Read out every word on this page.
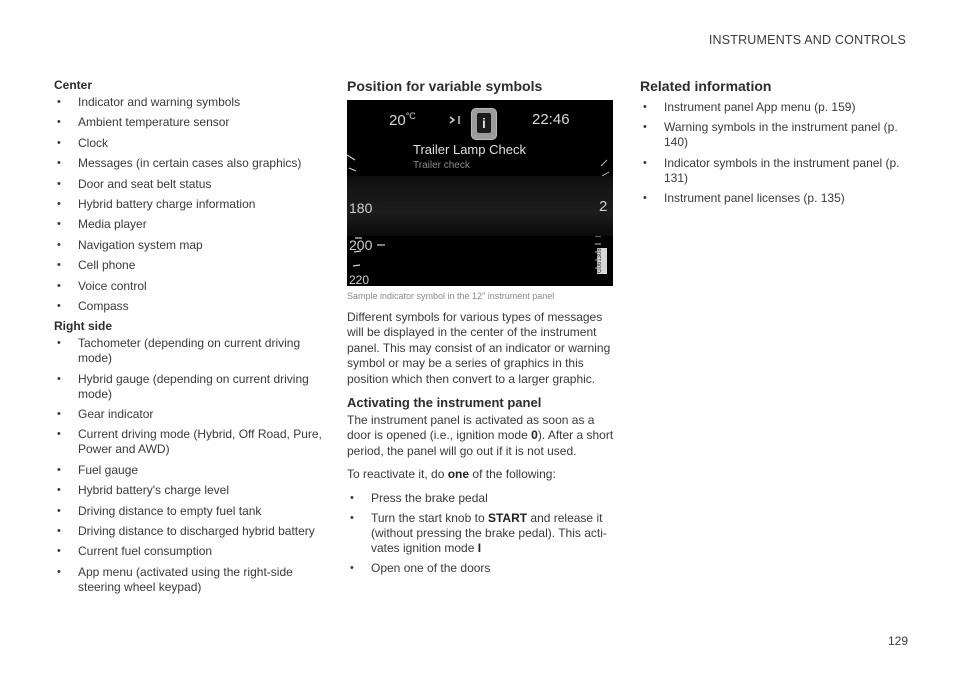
INSTRUMENTS AND CONTROLS
Center
• Indicator and warning symbols
• Ambient temperature sensor
• Clock
• Messages (in certain cases also graphics)
• Door and seat belt status
• Hybrid battery charge information
• Media player
• Navigation system map
• Cell phone
• Voice control
• Compass
Right side
• Tachometer (depending on current driving mode)
• Hybrid gauge (depending on current driving mode)
• Gear indicator
• Current driving mode (Hybrid, Off Road, Pure, Power and AWD)
• Fuel gauge
• Hybrid battery's charge level
• Driving distance to empty fuel tank
• Driving distance to discharged hybrid battery
• Current fuel consumption
• App menu (activated using the right-side steering wheel keypad)
Position for variable symbols
$20^{^\circ C}$	i	22:46
Trailer Lamp Check
Trailer check
180
200
220
2
G061308
Sample indicator symbol in the 12" instrument panel

Different symbols for various types of messages will be displayed in the center of the instrument panel. This may consist of an indicator or warning symbol or may be a series of graphics in this position which then convert to a larger graphic.

Activating the instrument panel

The instrument panel is activated as soon as a door is opened (i.e., ignition mode 0). After a short period, the panel will go out if it is not used.

To reactivate it, do one of the following:

• Press the brake pedal
• Turn the start knob to START and release it (without pressing the brake pedal). This acti-vates ignition mode I
• Open one of the doors
Related information
• Instrument panel App menu (p. 159)
• Warning symbols in the instrument panel (p. 140)
• Indicator symbols in the instrument panel (p. 131)
• Instrument panel licenses (p. 135)
129
